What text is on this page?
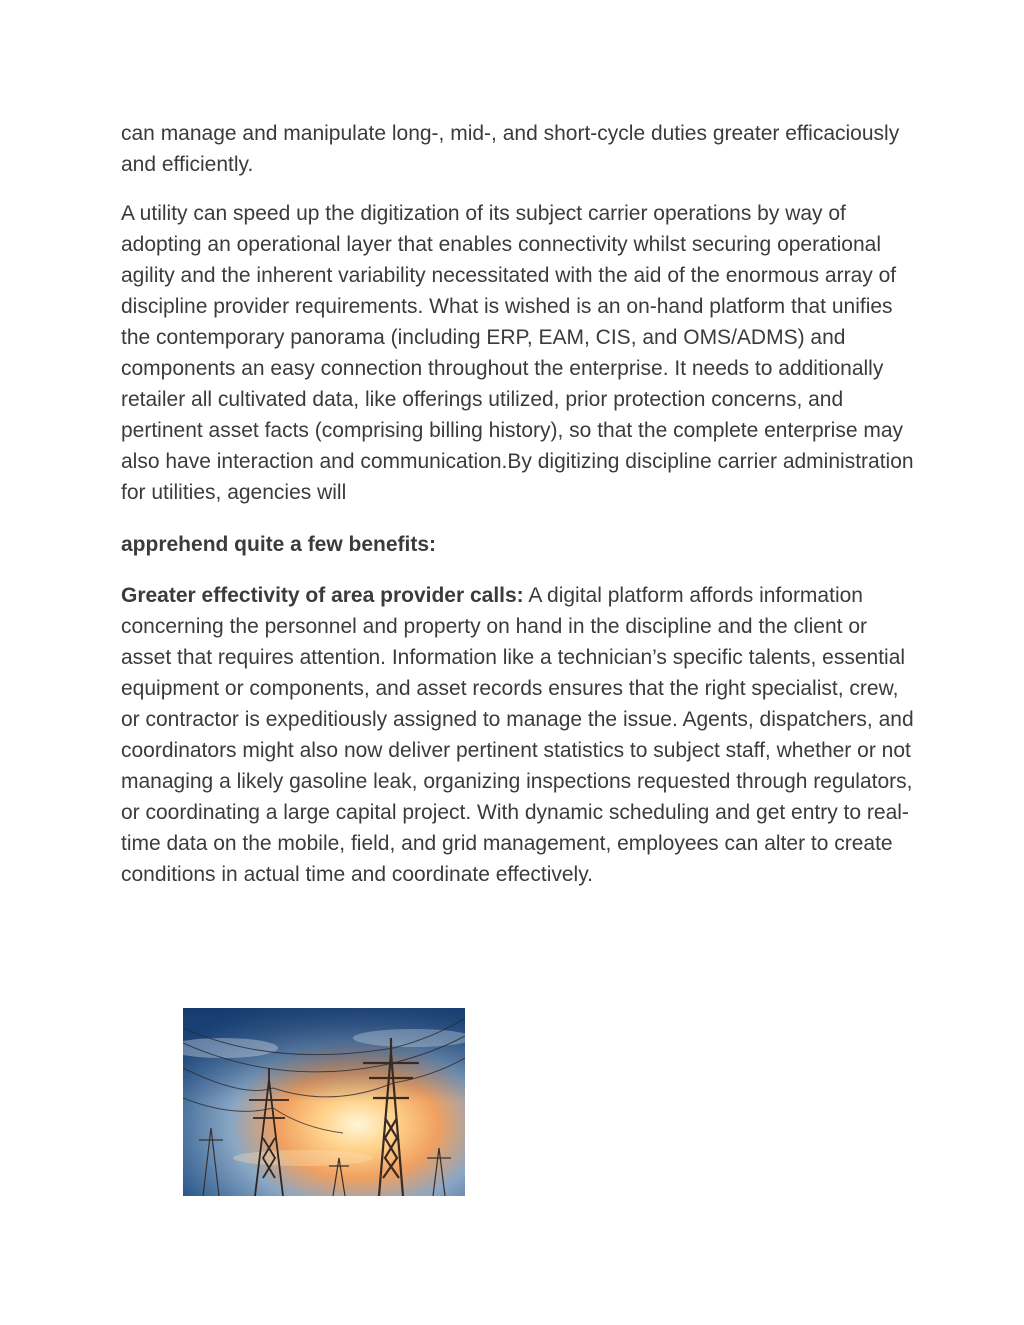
can manage and manipulate long-, mid-, and short-cycle duties greater efficaciously and efficiently.

A utility can speed up the digitization of its subject carrier operations by way of adopting an operational layer that enables connectivity whilst securing operational agility and the inherent variability necessitated with the aid of the enormous array of discipline provider requirements. What is wished is an on-hand platform that unifies the contemporary panorama (including ERP, EAM, CIS, and OMS/ADMS) and components an easy connection throughout the enterprise. It needs to additionally retailer all cultivated data, like offerings utilized, prior protection concerns, and pertinent asset facts (comprising billing history), so that the complete enterprise may also have interaction and communication.By digitizing discipline carrier administration for utilities, agencies will

apprehend quite a few benefits:

Greater effectivity of area provider calls: A digital platform affords information concerning the personnel and property on hand in the discipline and the client or asset that requires attention. Information like a technician’s specific talents, essential equipment or components, and asset records ensures that the right specialist, crew, or contractor is expeditiously assigned to manage the issue. Agents, dispatchers, and coordinators might also now deliver pertinent statistics to subject staff, whether or not managing a likely gasoline leak, organizing inspections requested through regulators, or coordinating a large capital project. With dynamic scheduling and get entry to real-time data on the mobile, field, and grid management, employees can alter to create conditions in actual time and coordinate effectively.
